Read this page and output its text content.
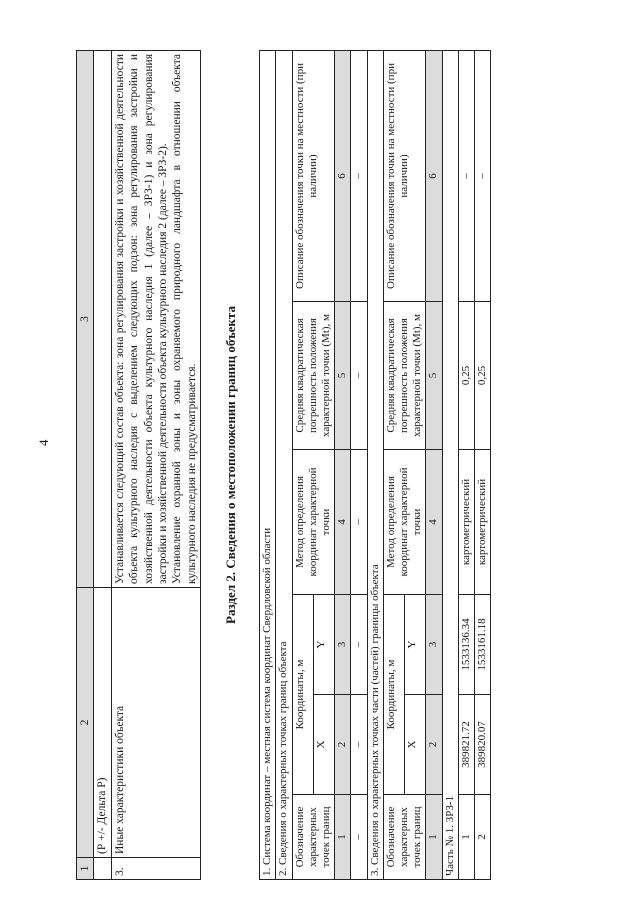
4
1	2	3
	(Р +/- Дельта Р)	
3.	Иные характеристики объекта	Устанавливается следующий состав объекта: зона регулирования застройки и хозяйственной деятельности объекта культурного наследия с выделением следующих подзон: зона регулирования застройки и хозяйственной деятельности объекта культурного наследия 1 (далее – ЗРЗ-1) и зона регулирования застройки и хозяйственной деятельности объекта культурного наследия 2 (далее – ЗРЗ-2). Установление охранной зоны и зоны охраняемого природного ландшафта в отношении объекта культурного наследия не предусматривается. Раздел 2. Сведения о местоположении границ объекта
1. Система координат – местная система координат Свердловской области					
2. Сведения о характерных точках границ объекта					
Обозначение характерных точек границ	Координаты, м		Метод определения координат характерной точки	Средняя квадратическая погрешность положения характерной точки (Mt), м	Описание обозначения точки на местности (при наличии)
	X	Y			
1	2	3	4	5	6
–	–	–	–	–	–
3. Сведения о характерных точках части (частей) границы объекта					
Обозначение характерных точек границ	Координаты, м		Метод определения координат характерной точки	Средняя квадратическая погрешность положения характерной точки (Mt), м	Описание обозначения точки на местности (при наличии)
	X	Y			
1	2	3	4	5	6
Часть № 1. ЗРЗ-1					
1	389821.72	1533136.34	картометрический	0,25	–
2	389820.07	1533161.18	картометрический	0,25	–
